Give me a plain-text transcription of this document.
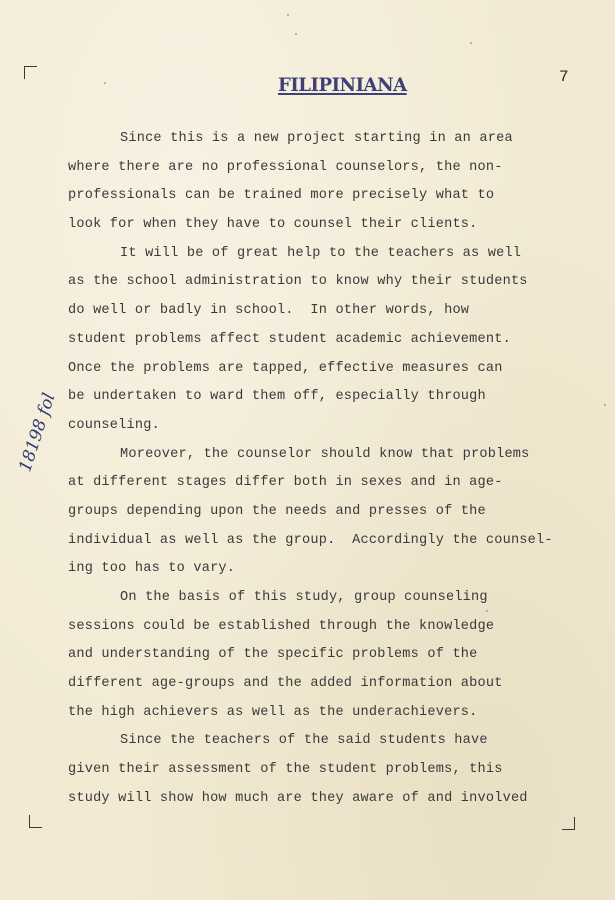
FILIPINIANA	7
18198 fol
Since this is a new project starting in an area
where there are no professional counselors, the non-
professionals can be trained more precisely what to
look for when they have to counsel their clients.
It will be of great help to the teachers as well
as the school administration to know why their students
do well or badly in school.  In other words, how
student problems affect student academic achievement.
Once the problems are tapped, effective measures can
be undertaken to ward them off, especially through
counseling.
Moreover, the counselor should know that problems
at different stages differ both in sexes and in age-
groups depending upon the needs and presses of the
individual as well as the group.  Accordingly the counsel-
ing too has to vary.
On the basis of this study, group counseling
sessions could be established through the knowledge
and understanding of the specific problems of the
different age-groups and the added information about
the high achievers as well as the underachievers.
Since the teachers of the said students have
given their assessment of the student problems, this
study will show how much are they aware of and involved
